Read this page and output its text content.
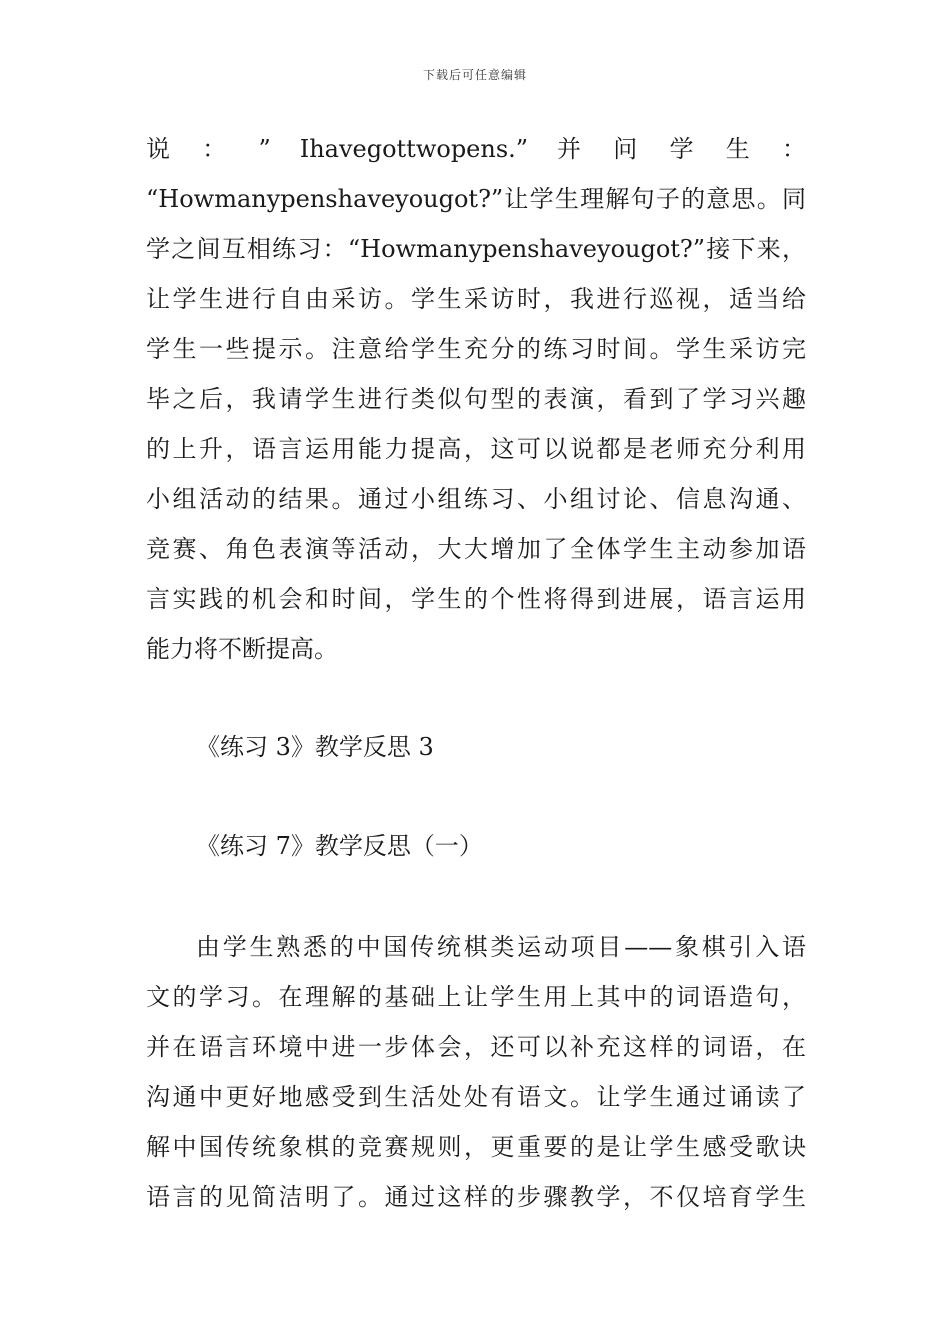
下载后可任意编辑
说 ： ” Ihavegottwopens.” 并 问 学 生 ：
“Howmanypenshaveyougot?”让学生理解句子的意思。同
学之间互相练习：“Howmanypenshaveyougot?”接下来，
让学生进行自由采访。学生采访时，我进行巡视，适当给
学生一些提示。注意给学生充分的练习时间。学生采访完
毕之后，我请学生进行类似句型的表演，看到了学习兴趣
的上升，语言运用能力提高，这可以说都是老师充分利用
小组活动的结果。通过小组练习、小组讨论、信息沟通、
竞赛、角色表演等活动，大大增加了全体学生主动参加语
言实践的机会和时间，学生的个性将得到进展，语言运用
能力将不断提高。
《练习 3》教学反思 3
《练习 7》教学反思（一）
由学生熟悉的中国传统棋类运动项目——象棋引入语
文的学习。在理解的基础上让学生用上其中的词语造句，
并在语言环境中进一步体会，还可以补充这样的词语，在
沟通中更好地感受到生活处处有语文。让学生通过诵读了
解中国传统象棋的竞赛规则，更重要的是让学生感受歌诀
语言的见简洁明了。通过这样的步骤教学，不仅培育学生
